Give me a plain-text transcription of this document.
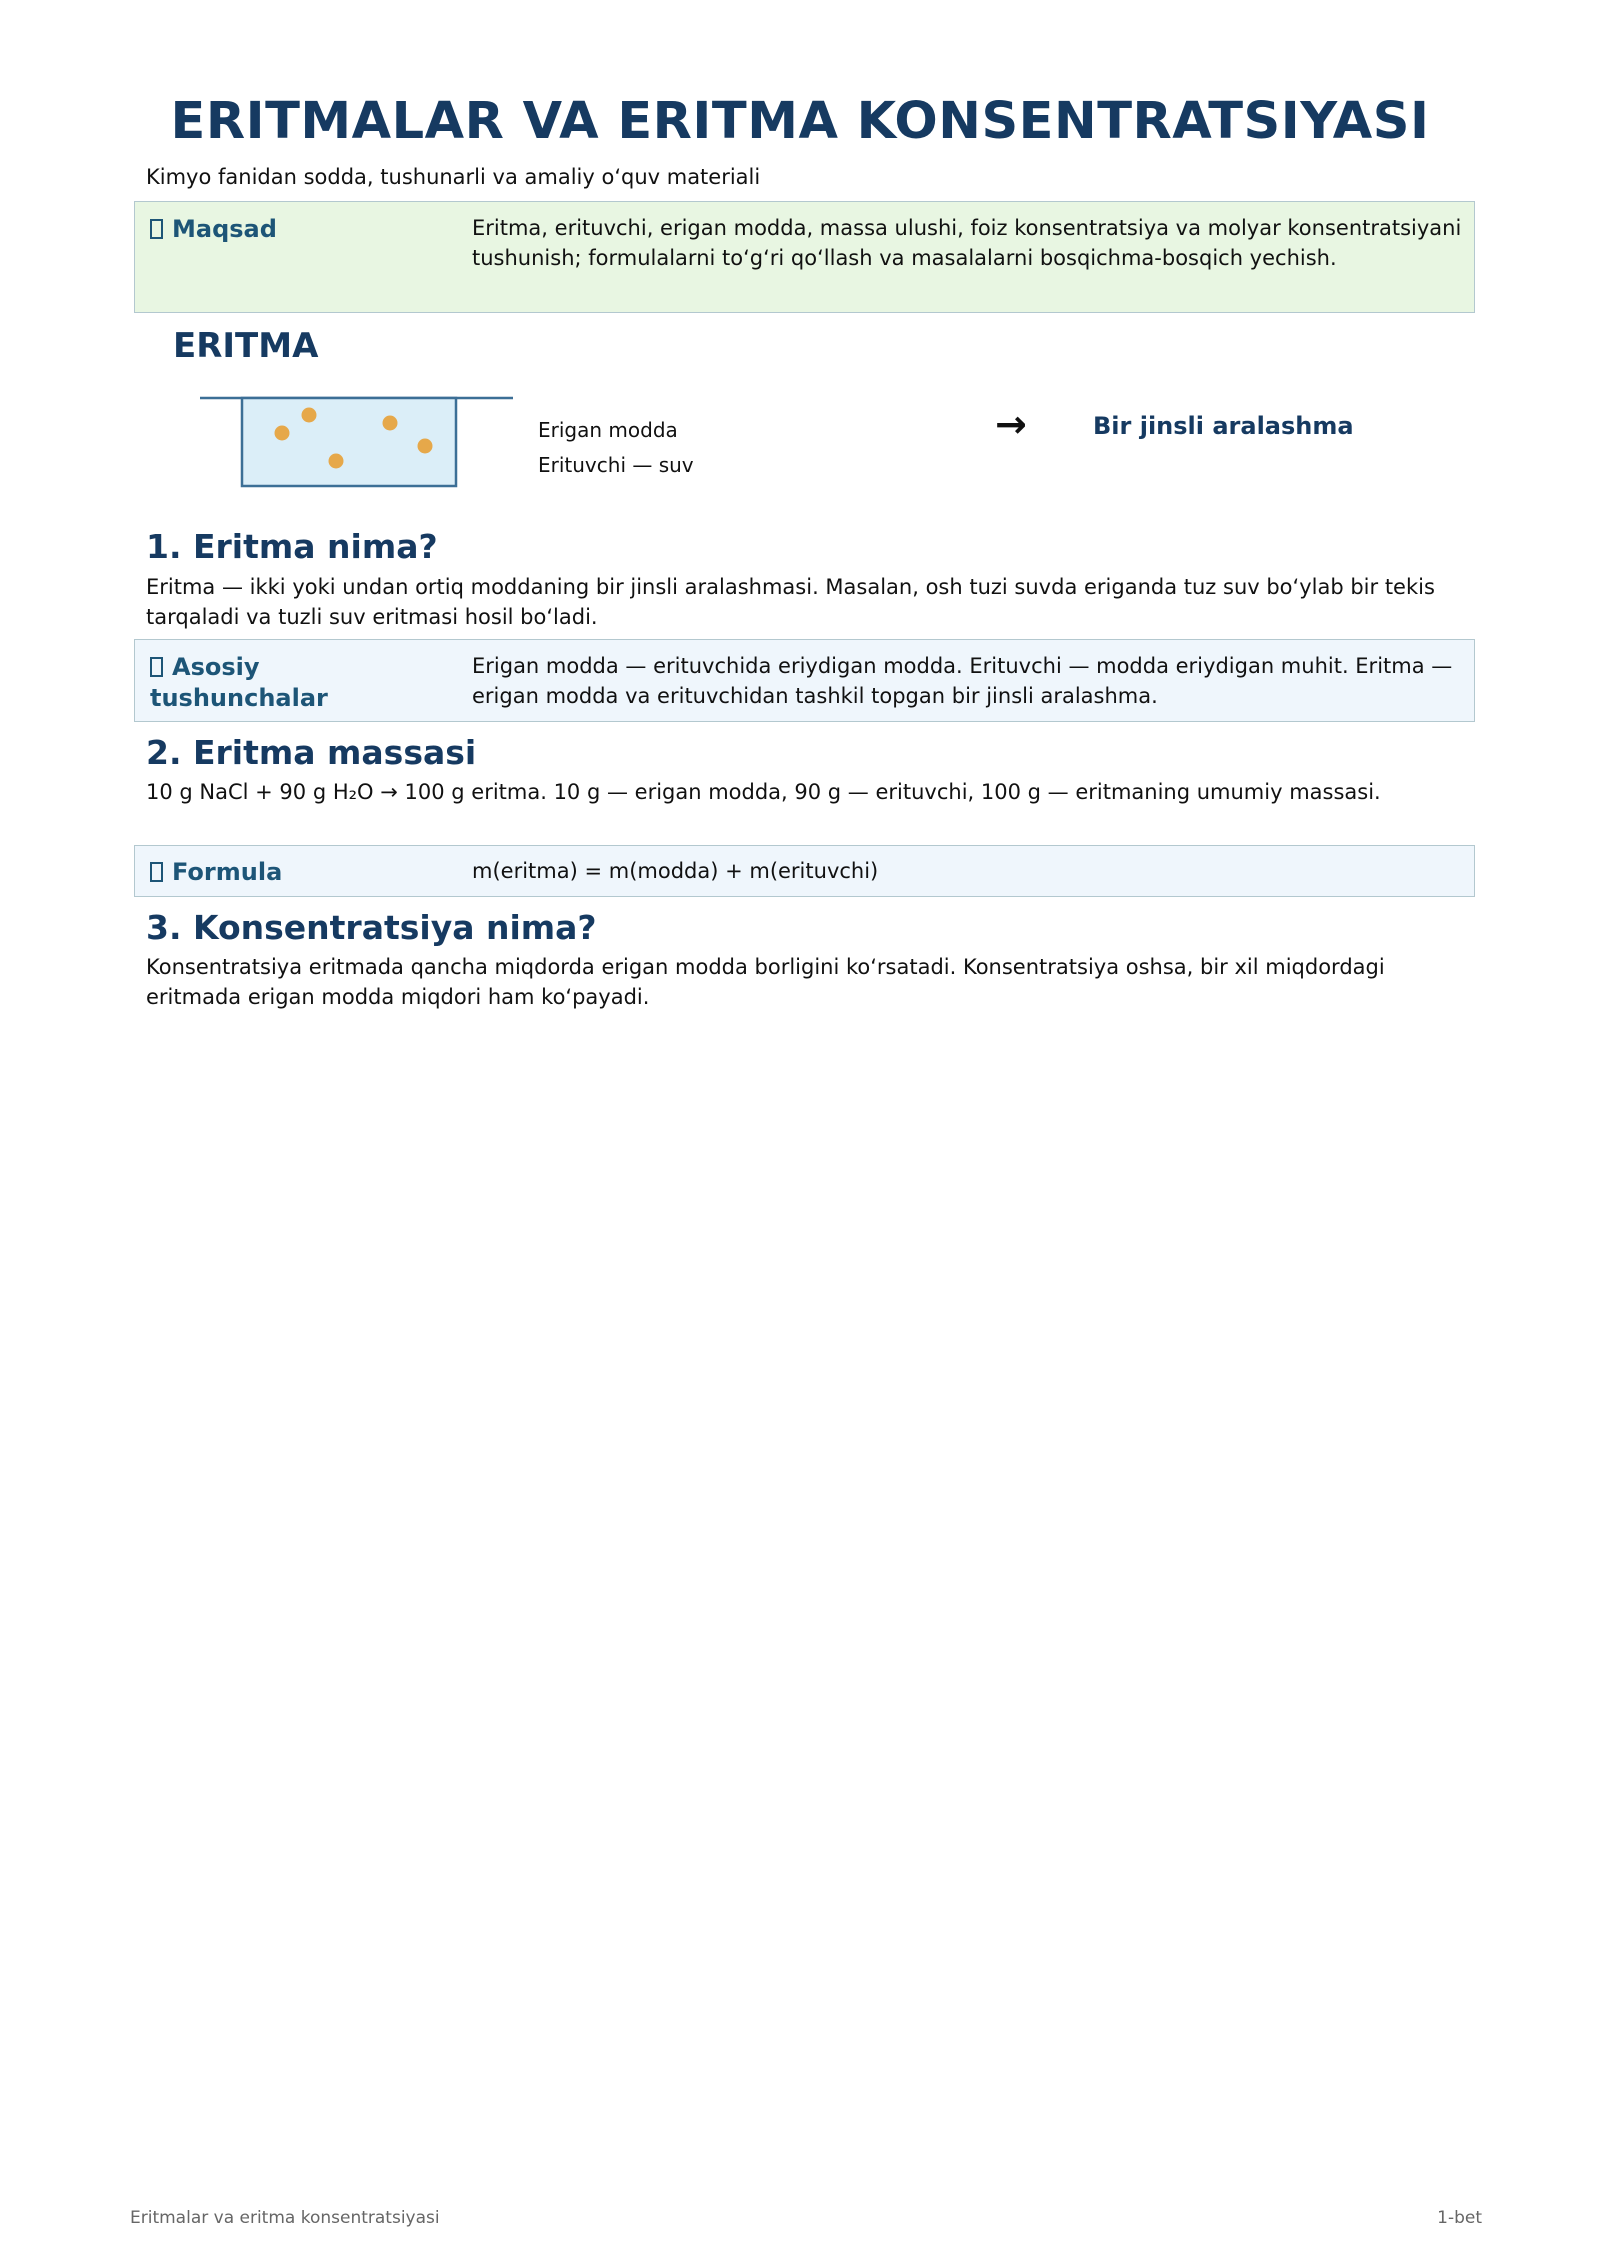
ERITMALAR VA ERITMA KONSENTRATSIYASI
Kimyo fanidan sodda, tushunarli va amaliy o‘quv materiali
Maqsad	Eritma, erituvchi, erigan modda, massa ulushi, foiz konsentratsiya va molyar konsentratsiyani tushunish; formulalarni to‘g‘ri qo‘llash va masalalarni bosqichma-bosqich yechish.
ERITMA
Erigan modda
Erituvchi — suv
→	Bir jinsli aralashma
1. Eritma nima?
Eritma — ikki yoki undan ortiq moddaning bir jinsli aralashmasi. Masalan, osh tuzi suvda eriganda tuz suv bo‘ylab bir tekis tarqaladi va tuzli suv eritmasi hosil bo‘ladi.
Asosiy tushunchalar
Erigan modda — erituvchida eriydigan modda. Erituvchi — modda eriydigan muhit. Eritma — erigan modda va erituvchidan tashkil topgan bir jinsli aralashma.
2. Eritma massasi
10 g NaCl + 90 g H₂O → 100 g eritma. 10 g — erigan modda, 90 g — erituvchi, 100 g — eritmaning umumiy massasi.
Formula	m(eritma) = m(modda) + m(erituvchi)
3. Konsentratsiya nima?
Konsentratsiya eritmada qancha miqdorda erigan modda borligini ko‘rsatadi. Konsentratsiya oshsa, bir xil miqdordagi eritmada erigan modda miqdori ham ko‘payadi.
Eritmalar va eritma konsentratsiyasi	1-bet
